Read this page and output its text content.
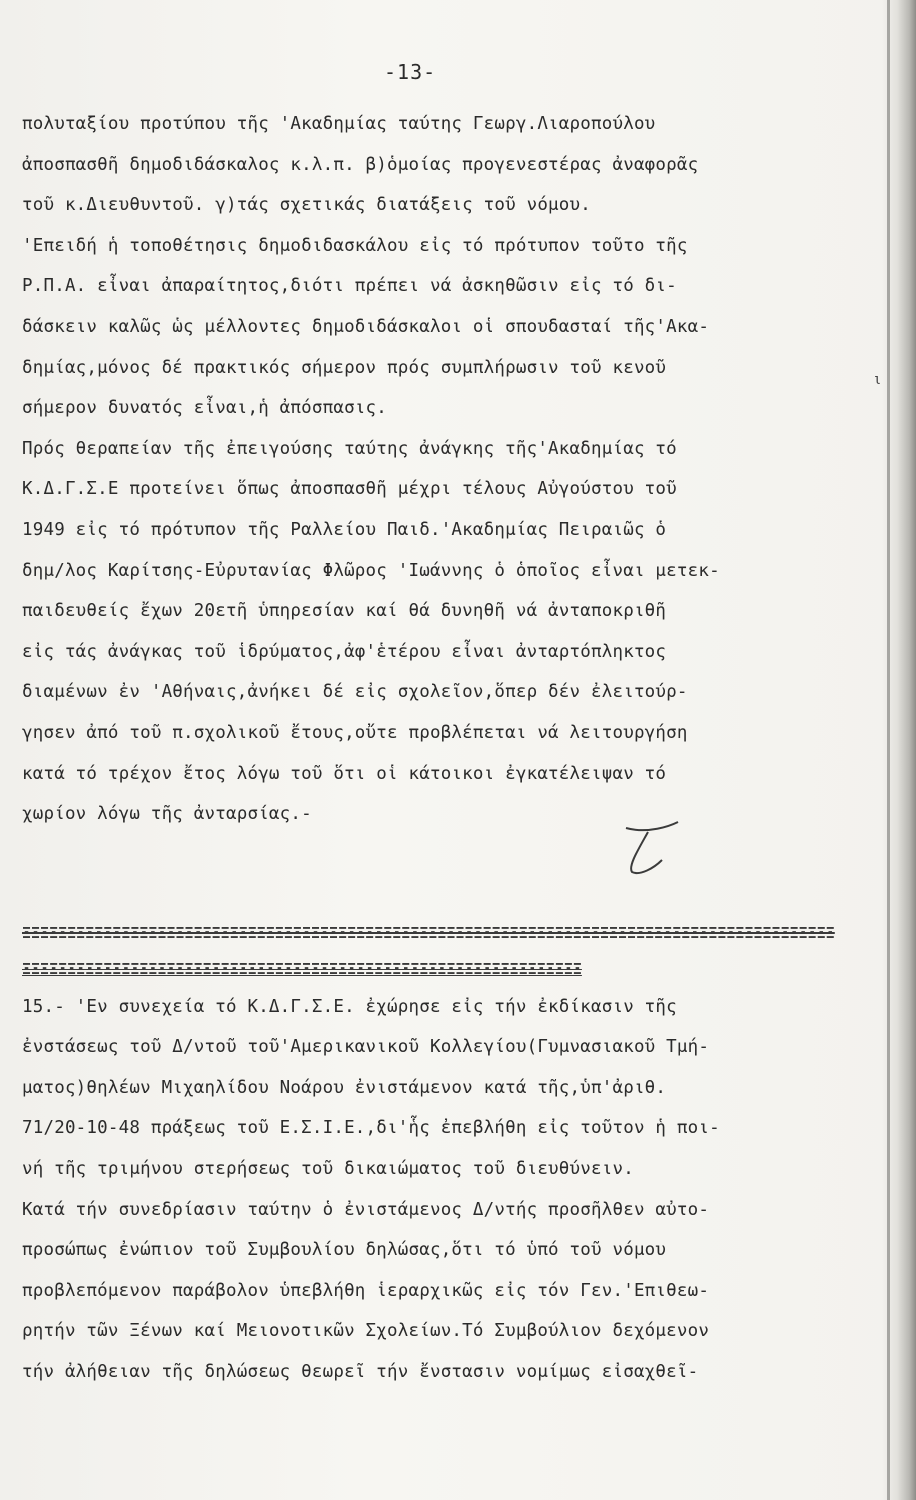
-13-
ι
πολυταξίου προτύπου τῆς 'Ακαδημίας ταύτης Γεωργ.Λιαροπούλου
ἀποσπασθῆ δημοδιδάσκαλος κ.λ.π. β)ὁμοίας προγενεστέρας ἀναφορᾶς
τοῦ κ.Διευθυντοῦ. γ)τάς σχετικάς διατάξεις τοῦ νόμου.
'Επειδή ἡ τοποθέτησις δημοδιδασκάλου εἰς τό πρότυπον τοῦτο τῆς
Ρ.Π.Α. εἶναι ἀπαραίτητος,διότι πρέπει νά ἀσκηθῶσιν εἰς τό δι-
δάσκειν καλῶς ὡς μέλλοντες δημοδιδάσκαλοι οἱ σπουδασταί τῆς'Ακα-
δημίας,μόνος δέ πρακτικός σήμερον πρός συμπλήρωσιν τοῦ κενοῦ
σήμερον δυνατός εἶναι,ἡ ἀπόσπασις.
Πρός θεραπείαν τῆς ἐπειγούσης ταύτης ἀνάγκης τῆς'Ακαδημίας τό
Κ.Δ.Γ.Σ.Ε προτείνει ὅπως ἀποσπασθῆ μέχρι τέλους Αὐγούστου τοῦ
1949 εἰς τό πρότυπον τῆς Ραλλείου Παιδ.'Ακαδημίας Πειραιῶς ὁ
δημ/λος Καρίτσης-Εὐρυτανίας Φλῶρος 'Ιωάννης ὁ ὁποῖος εἶναι μετεκ-
παιδευθείς ἔχων 20ετῆ ὑπηρεσίαν καί θά δυνηθῆ νά ἀνταποκριθῆ
εἰς τάς ἀνάγκας τοῦ ἱδρύματος,ἀφ'ἑτέρου εἶναι ἀνταρτόπληκτος
διαμένων ἐν 'Αθήναις,ἀνήκει δέ εἰς σχολεῖον,ὅπερ δέν ἐλειτούρ-
γησεν ἀπό τοῦ π.σχολικοῦ ἔτους,οὔτε προβλέπεται νά λειτουργήση
κατά τό τρέχον ἔτος λόγω τοῦ ὅτι οἱ κάτοικοι ἐγκατέλειψαν τό
χωρίον λόγω τῆς ἀνταρσίας.-
ΞΞΞΞΞΞΞΞΞΞΞΞΞΞΞΞΞΞΞΞΞΞΞΞΞΞΞΞΞΞΞΞΞΞΞΞΞΞΞΞΞΞΞΞΞΞΞΞΞΞΞΞΞΞΞΞΞΞΞΞΞΞΞΞΞΞΞΞΞΞΞΞΞΞΞΞΞΞΞΞΞΞΞΞΞΞΞΞΞΞ
ΞΞΞΞΞΞΞΞΞΞΞΞΞΞΞΞΞΞΞΞΞΞΞΞΞΞΞΞΞΞΞΞΞΞΞΞΞΞΞΞΞΞΞΞΞΞΞΞΞΞΞΞΞΞΞΞΞΞΞΞΞΞ
15.- 'Εν συνεχεία τό Κ.Δ.Γ.Σ.Ε. ἐχώρησε εἰς τήν ἐκδίκασιν τῆς
ἐνστάσεως τοῦ Δ/ντοῦ τοῦ'Αμερικανικοῦ Κολλεγίου(Γυμνασιακοῦ Τμή-
ματος)θηλέων Μιχαηλίδου Νοάρου ἐνιστάμενον κατά τῆς,ὑπ'ἀριθ.
71/20-10-48 πράξεως τοῦ Ε.Σ.Ι.Ε.,δι'ἧς ἐπεβλήθη εἰς τοῦτον ἡ ποι-
νή τῆς τριμήνου στερήσεως τοῦ δικαιώματος τοῦ διευθύνειν.
Κατά τήν συνεδρίασιν ταύτην ὁ ἐνιστάμενος Δ/ντής προσῆλθεν αὐτο-
προσώπως ἐνώπιον τοῦ Συμβουλίου δηλώσας,ὅτι τό ὑπό τοῦ νόμου
προβλεπόμενον παράβολον ὑπεβλήθη ἱεραρχικῶς εἰς τόν Γεν.'Επιθεω-
ρητήν τῶν Ξένων καί Μειονοτικῶν Σχολείων.Τό Συμβούλιον δεχόμενον
τήν ἀλήθειαν τῆς δηλώσεως θεωρεῖ τήν ἔνστασιν νομίμως εἰσαχθεῖ-
